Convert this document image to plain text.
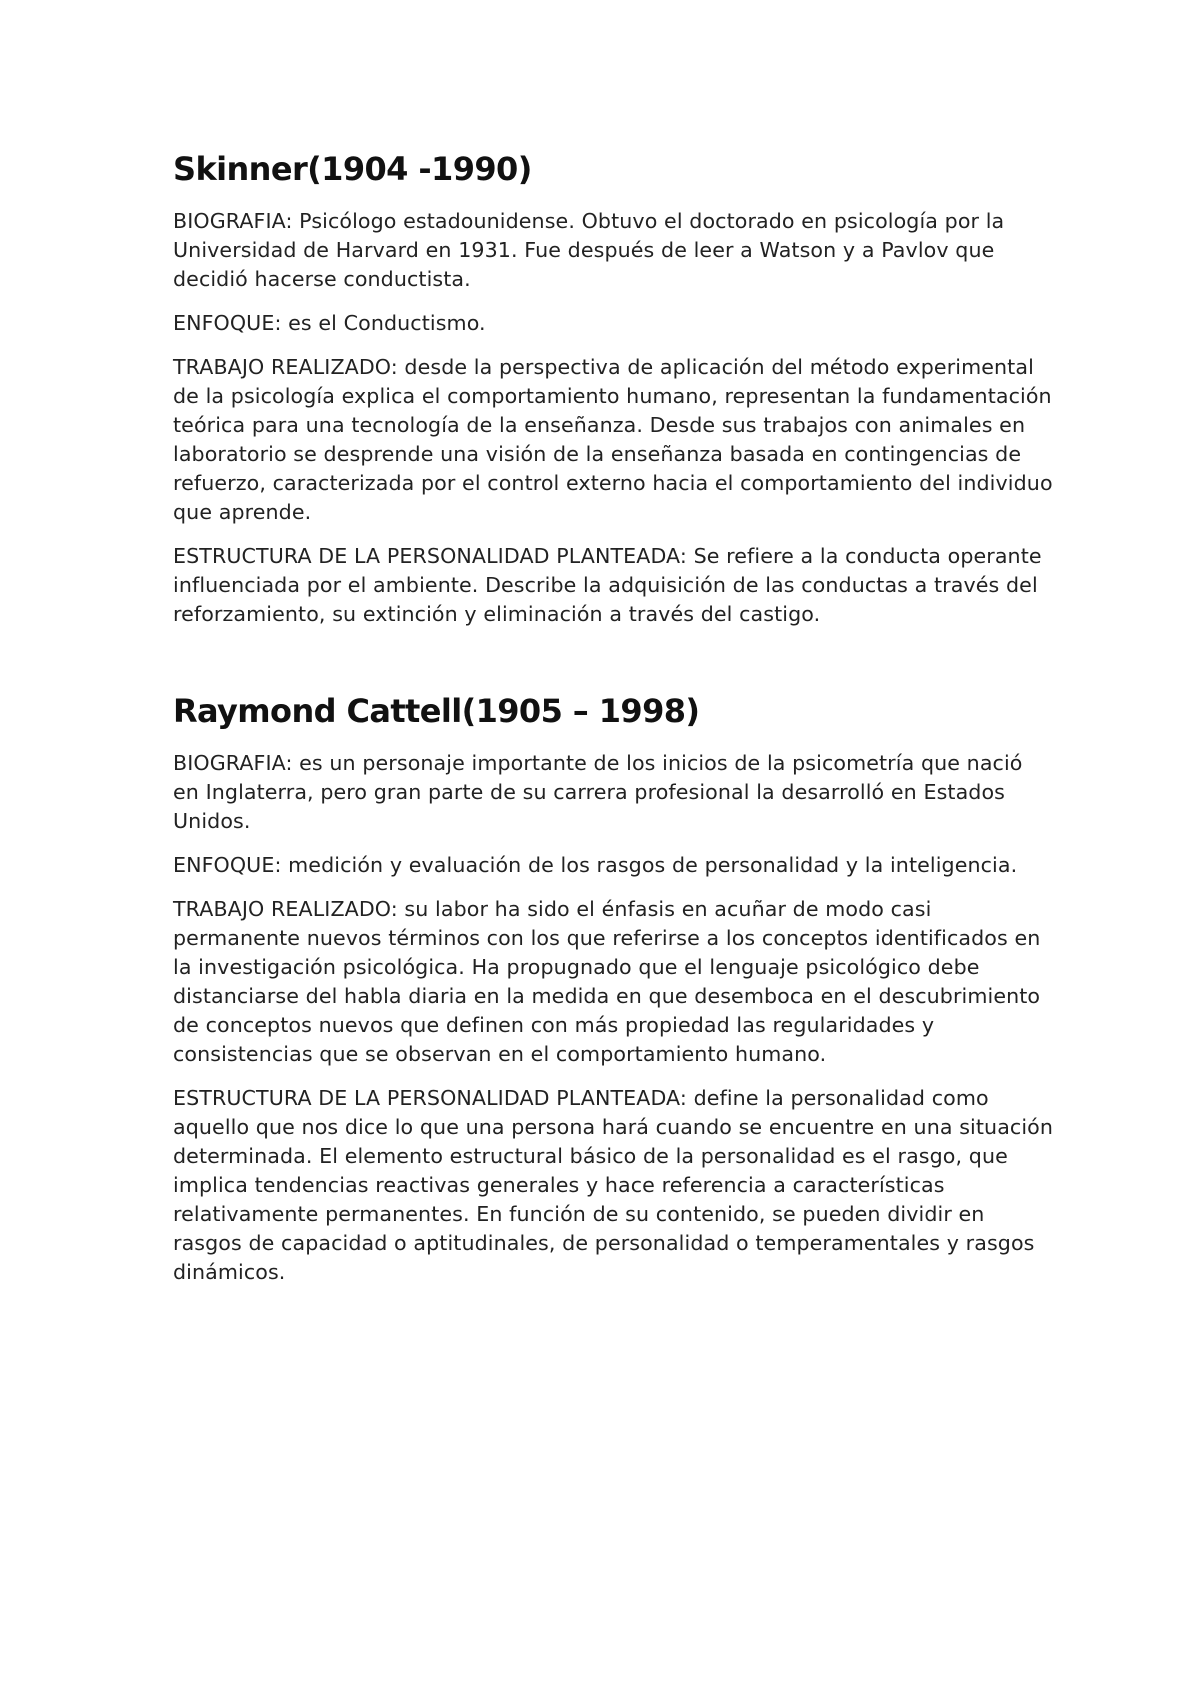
Skinner(1904 -1990)

BIOGRAFIA: Psicólogo estadounidense. Obtuvo el doctorado en psicología por la Universidad de Harvard en 1931. Fue después de leer a Watson y a Pavlov que decidió hacerse conductista.

ENFOQUE: es el Conductismo.

TRABAJO REALIZADO: desde la perspectiva de aplicación del método experimental de la psicología explica el comportamiento humano, representan la fundamentación teórica para una tecnología de la enseñanza. Desde sus trabajos con animales en laboratorio se desprende una visión de la enseñanza basada en contingencias de refuerzo, caracterizada por el control externo hacia el comportamiento del individuo que aprende.

ESTRUCTURA DE LA PERSONALIDAD PLANTEADA: Se refiere a la conducta operante influenciada por el ambiente. Describe la adquisición de las conductas a través del reforzamiento, su extinción y eliminación a través del castigo.

Raymond Cattell(1905 – 1998)

BIOGRAFIA: es un personaje importante de los inicios de la psicometría que nació en Inglaterra, pero gran parte de su carrera profesional la desarrolló en Estados Unidos.

ENFOQUE: medición y evaluación de los rasgos de personalidad y la inteligencia.

TRABAJO REALIZADO: su labor ha sido el énfasis en acuñar de modo casi permanente nuevos términos con los que referirse a los conceptos identificados en la investigación psicológica. Ha propugnado que el lenguaje psicológico debe distanciarse del habla diaria en la medida en que desemboca en el descubrimiento de conceptos nuevos que definen con más propiedad las regularidades y consistencias que se observan en el comportamiento humano.

ESTRUCTURA DE LA PERSONALIDAD PLANTEADA: define la personalidad como aquello que nos dice lo que una persona hará cuando se encuentre en una situación determinada. El elemento estructural básico de la personalidad es el rasgo, que implica tendencias reactivas generales y hace referencia a características relativamente permanentes. En función de su contenido, se pueden dividir en rasgos de capacidad o aptitudinales, de personalidad o temperamentales y rasgos dinámicos.
